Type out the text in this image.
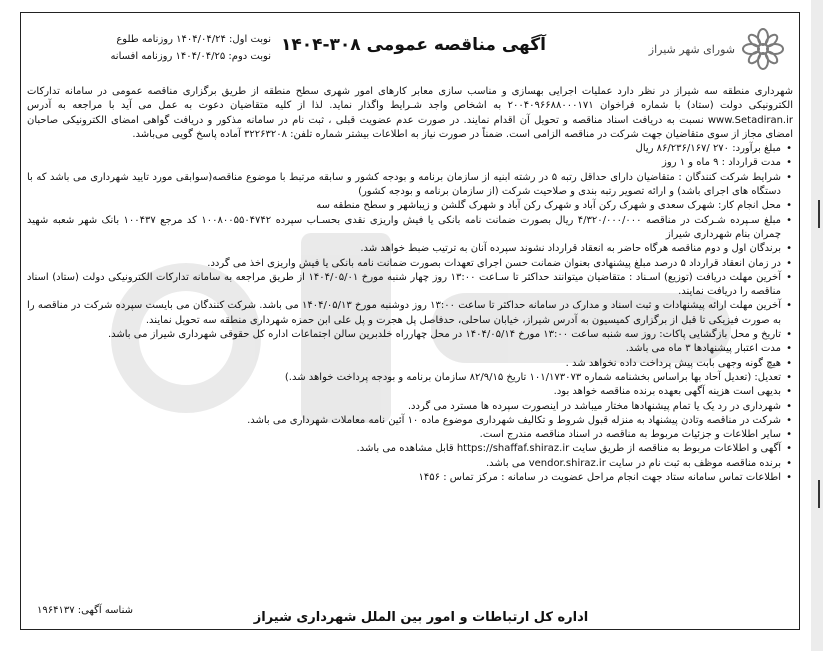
شورای شهر شیراز
آگهی مناقصه عمومی ۳۰۸-۱۴۰۴
نوبت اول: ۱۴۰۴/۰۴/۲۴ روزنامه طلوع
نوبت دوم: ۱۴۰۴/۰۴/۲۵ روزنامه افسانه

شهرداری منطقه سه شیراز در نظر دارد عملیات اجرایی بهسازی و مناسب سازی معابر کارهای امور شهری سطح منطقه از طریق برگزاری مناقصه عمومی در سامانه تدارکات الکترونیکی دولت (ستاد) با شماره فراخوان ۲۰۰۴۰۹۶۶۸۸۰۰۰۱۷۱ به اشخاص واجد شـرایط واگذار نماید. لذا از کلیه متقاضیان دعوت به عمل می آید با مراجعه به آدرس www.Setadiran.ir نسبت به دریافت اسناد مناقصه و تحویل آن اقدام نمایند. در صورت عدم عضویت قبلی ، ثبت نام در سامانه مذکور و دریافت گواهی امضای الکترونیکی صاحبان امضای مجاز از سوی متقاضیان جهت شرکت در مناقصه الزامی است. ضمناً در صورت نیاز به اطلاعات بیشتر شماره تلفن: ۳۲۲۶۳۲۰۸ آماده پاسخ گویی می‌باشد.

• مبلغ برآورد: ۲۷۰ /۸۶/۲۳۶/۱۶۷ ریال
• مدت قرارداد : ۹ ماه و ۱ روز
• شرایط شرکت کنندگان : متقاضیان دارای حداقل رتبه ۵ در رشته ابنیه از سازمان برنامه و بودجه کشور و سابقه مرتبط با موضوع مناقصه(سوابقی مورد تایید شهرداری می باشد که با دستگاه های اجرای باشد) و ارائه تصویر رتبه بندی و صلاحیت شرکت (از سازمان برنامه و بودجه کشور)
• محل انجام کار: شهرک سعدی و شهرک رکن آباد و شهرک رکن آباد و شهرک گلشن و زیباشهر و سطح منطقه سه
• مبلغ سـپرده شـرکت در مناقصه ۴/۳۲۰/۰۰۰/۰۰۰ ریال بصورت ضمانت نامه بانکی یا فیش واریزی نقدی بحسـاب سپرده ۱۰۰۸۰۰۵۵۰۴۷۴۲ کد مرجع ۱۰۰۴۳۷ بانک شهر شعبه شهید چمران بنام شهرداری شیراز
• برندگان اول و دوم مناقصه هرگاه حاضر به انعقاد قرارداد نشوند سپرده آنان به ترتیب ضبط خواهد شد.
• در زمان انعقاد قرارداد ۵ درصد مبلغ پیشنهادی بعنوان ضمانت حسن اجرای تعهدات بصورت ضمانت نامه بانکی یا فیش واریزی اخذ می گردد.
• آخرین مهلت دریافت (توزیع) اسـناد : متقاضیان میتوانند حداکثر تا سـاعت ۱۳:۰۰ روز چهار شنبه مورخ ۱۴۰۴/۰۵/۰۱ از طریق مراجعه به سامانه تدارکات الکترونیکی دولت (ستاد) اسناد مناقصه را دریافت نمایند.
• آخرین مهلت ارائه پیشنهادات و ثبت اسناد و مدارک در سامانه حداکثر تا ساعت ۱۳:۰۰ روز دوشنبه مورخ ۱۴۰۴/۰۵/۱۳ می باشد. شرکت کنندگان می بایست سپرده شرکت در مناقصه را به صورت فیزیکی تا قبل از برگزاری کمیسیون به آدرس شیراز، خیابان ساحلی، حدفاصل پل هجرت و پل علی ابن حمزه شهرداری منطقه سه تحویل نمایند.
• تاریخ و محل بازگشایی پاکات: روز سه شنبه ساعت ۱۳:۰۰ مورخ ۱۴۰۴/۰۵/۱۴ در محل چهارراه خلدبرین سالن اجتماعات اداره کل حقوقی شهرداری شیراز می باشد.
• مدت اعتبار پیشنهادها ۳ ماه می باشد.
• هیچ گونه وجهی بابت پیش پرداخت داده نخواهد شد .
• تعدیل: (تعدیل آحاد بها براساس بخشنامه شماره ۱۰۱/۱۷۳۰۷۳ تاریخ ۸۲/۹/۱۵ سازمان برنامه و بودجه پرداخت خواهد شد.)
• بدیهی است هزینه آگهی بعهده برنده مناقصه خواهد بود.
• شهرداری در رد یک یا تمام پیشنهادها مختار میباشد در اینصورت سپرده ها مسترد می گردد.
• شرکت در مناقصه وتادن پیشنهاد به منزله قبول شروط و تکالیف شهرداری موضوع ماده ۱۰ آئین نامه معاملات شهرداری می باشد.
• سایر اطلاعات و جزئیات مربوط به مناقصه در اسناد مناقصه مندرج است.
• آگهی و اطلاعات مربوط به مناقصه از طریق سایت https://shaffaf.shiraz.ir قابل مشاهده می باشد.
• برنده مناقصه موظف به ثبت نام در سایت vendor.shiraz.ir می باشد.
• اطلاعات تماس سامانه ستاد جهت انجام مراحل عضویت در سامانه : مرکز تماس : ۱۴۵۶
شناسه آگهی: ۱۹۶۴۱۳۷	اداره کل ارتباطات و امور بین الملل شهرداری شیراز
